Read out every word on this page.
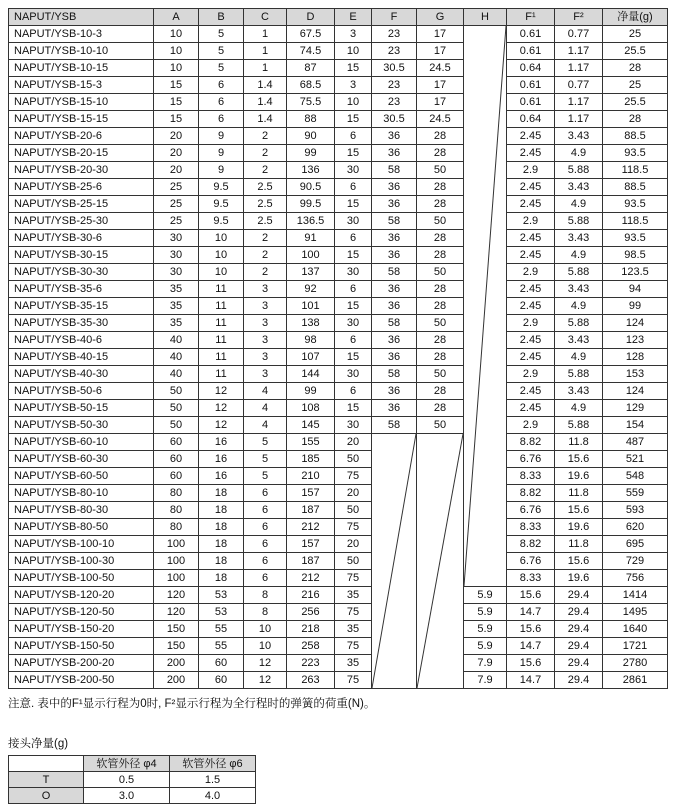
NAPUT/YSB	A	B	C	D	E	F	G	H	F¹	F²	净量(g)
NAPUT/YSB-10-3	10	5	1	67.5	3	23	17		0.61	0.77	25
NAPUT/YSB-10-10	10	5	1	74.5	10	23	17		0.61	1.17	25.5
NAPUT/YSB-10-15	10	5	1	87	15	30.5	24.5		0.64	1.17	28
NAPUT/YSB-15-3	15	6	1.4	68.5	3	23	17		0.61	0.77	25
NAPUT/YSB-15-10	15	6	1.4	75.5	10	23	17		0.61	1.17	25.5
NAPUT/YSB-15-15	15	6	1.4	88	15	30.5	24.5		0.64	1.17	28
NAPUT/YSB-20-6	20	9	2	90	6	36	28		2.45	3.43	88.5
NAPUT/YSB-20-15	20	9	2	99	15	36	28		2.45	4.9	93.5
NAPUT/YSB-20-30	20	9	2	136	30	58	50		2.9	5.88	118.5
NAPUT/YSB-25-6	25	9.5	2.5	90.5	6	36	28		2.45	3.43	88.5
NAPUT/YSB-25-15	25	9.5	2.5	99.5	15	36	28		2.45	4.9	93.5
NAPUT/YSB-25-30	25	9.5	2.5	136.5	30	58	50		2.9	5.88	118.5
NAPUT/YSB-30-6	30	10	2	91	6	36	28		2.45	3.43	93.5
NAPUT/YSB-30-15	30	10	2	100	15	36	28		2.45	4.9	98.5
NAPUT/YSB-30-30	30	10	2	137	30	58	50		2.9	5.88	123.5
NAPUT/YSB-35-6	35	11	3	92	6	36	28		2.45	3.43	94
NAPUT/YSB-35-15	35	11	3	101	15	36	28		2.45	4.9	99
NAPUT/YSB-35-30	35	11	3	138	30	58	50		2.9	5.88	124
NAPUT/YSB-40-6	40	11	3	98	6	36	28		2.45	3.43	123
NAPUT/YSB-40-15	40	11	3	107	15	36	28		2.45	4.9	128
NAPUT/YSB-40-30	40	11	3	144	30	58	50		2.9	5.88	153
NAPUT/YSB-50-6	50	12	4	99	6	36	28		2.45	3.43	124
NAPUT/YSB-50-15	50	12	4	108	15	36	28		2.45	4.9	129
NAPUT/YSB-50-30	50	12	4	145	30	58	50		2.9	5.88	154
NAPUT/YSB-60-10	60	16	5	155	20				8.82	11.8	487
NAPUT/YSB-60-30	60	16	5	185	50				6.76	15.6	521
NAPUT/YSB-60-50	60	16	5	210	75				8.33	19.6	548
NAPUT/YSB-80-10	80	18	6	157	20				8.82	11.8	559
NAPUT/YSB-80-30	80	18	6	187	50				6.76	15.6	593
NAPUT/YSB-80-50	80	18	6	212	75				8.33	19.6	620
NAPUT/YSB-100-10	100	18	6	157	20				8.82	11.8	695
NAPUT/YSB-100-30	100	18	6	187	50				6.76	15.6	729
NAPUT/YSB-100-50	100	18	6	212	75				8.33	19.6	756
NAPUT/YSB-120-20	120	53	8	216	35			5.9	15.6	29.4	1414
NAPUT/YSB-120-50	120	53	8	256	75			5.9	14.7	29.4	1495
NAPUT/YSB-150-20	150	55	10	218	35			5.9	15.6	29.4	1640
NAPUT/YSB-150-50	150	55	10	258	75			5.9	14.7	29.4	1721
NAPUT/YSB-200-20	200	60	12	223	35			7.9	15.6	29.4	2780
NAPUT/YSB-200-50	200	60	12	263	75			7.9	14.7	29.4	2861
注意. 表中的F¹显示行程为0时, F²显示行程为全行程时的弹簧的荷重(N)。
接头净量(g)
	软管外径 φ4	软管外径 φ6
T	0.5	1.5
O	3.0	4.0
